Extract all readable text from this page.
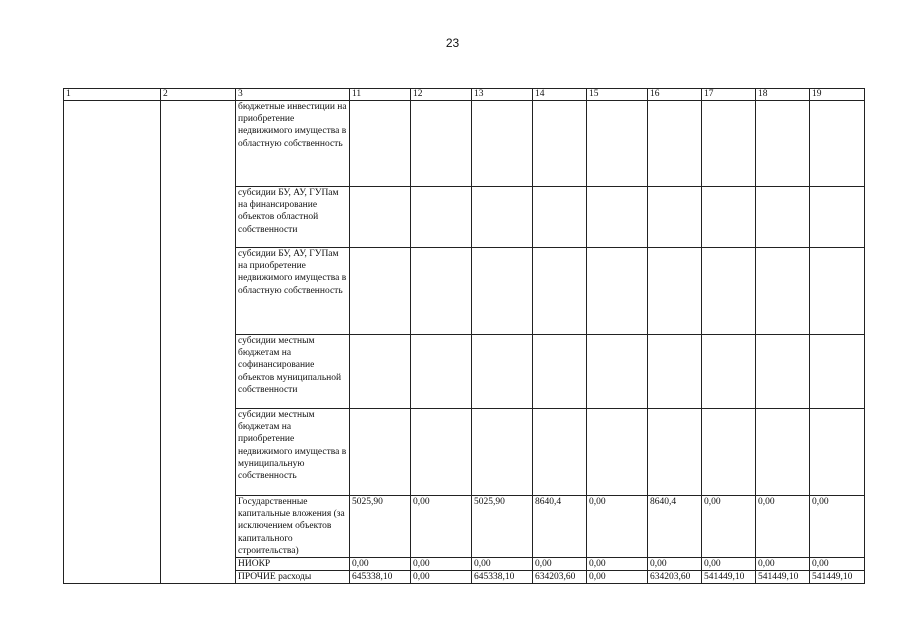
23
1	2	3	11	12	13	14	15	16	17	18	19
		бюджетные инвестиции на приобретение недвижимого имущества в областную собственность									
		субсидии БУ, АУ, ГУПам на финансирование объектов областной собственности									
		субсидии БУ, АУ, ГУПам на приобретение недвижимого имущества в областную собственность									
		субсидии местным бюджетам на софинансирование объектов муниципальной собственности									
		субсидии местным бюджетам на приобретение недвижимого имущества в муниципальную собственность									
		Государственные капитальные вложения (за исключением объектов капитального строительства)	5025,90	0,00	5025,90	8640,4	0,00	8640,4	0,00	0,00	0,00
		НИОКР	0,00	0,00	0,00	0,00	0,00	0,00	0,00	0,00	0,00
		ПРОЧИЕ расходы	645338,10	0,00	645338,10	634203,60	0,00	634203,60	541449,10	541449,10	541449,10
